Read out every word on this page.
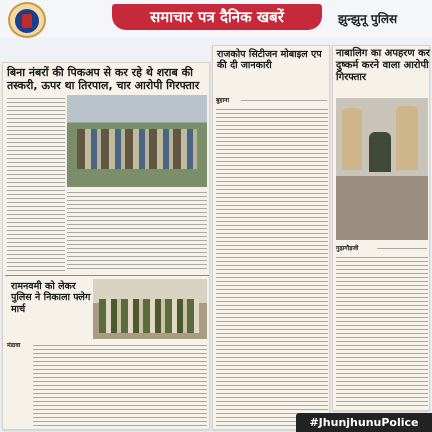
समाचार पत्र दैनिक खबरें	झुन्झुनू पुलिस
बिना नंबरों की पिकअप से कर रहे थे शराब की तस्करी, ऊपर था तिरपाल, चार आरोपी गिरफ्तार
रामनवमी को लेकर पुलिस ने निकाला फ्लेग मार्च
मंडावा
राजकोप सिटीजन मोबाइल एप की दी जानकारी
बुहाना
नाबालिग का अपहरण कर दुष्कर्म करने वाला आरोपी गिरफ्तार
गुढ़ागौड़जी
#JhunjhunuPolice
